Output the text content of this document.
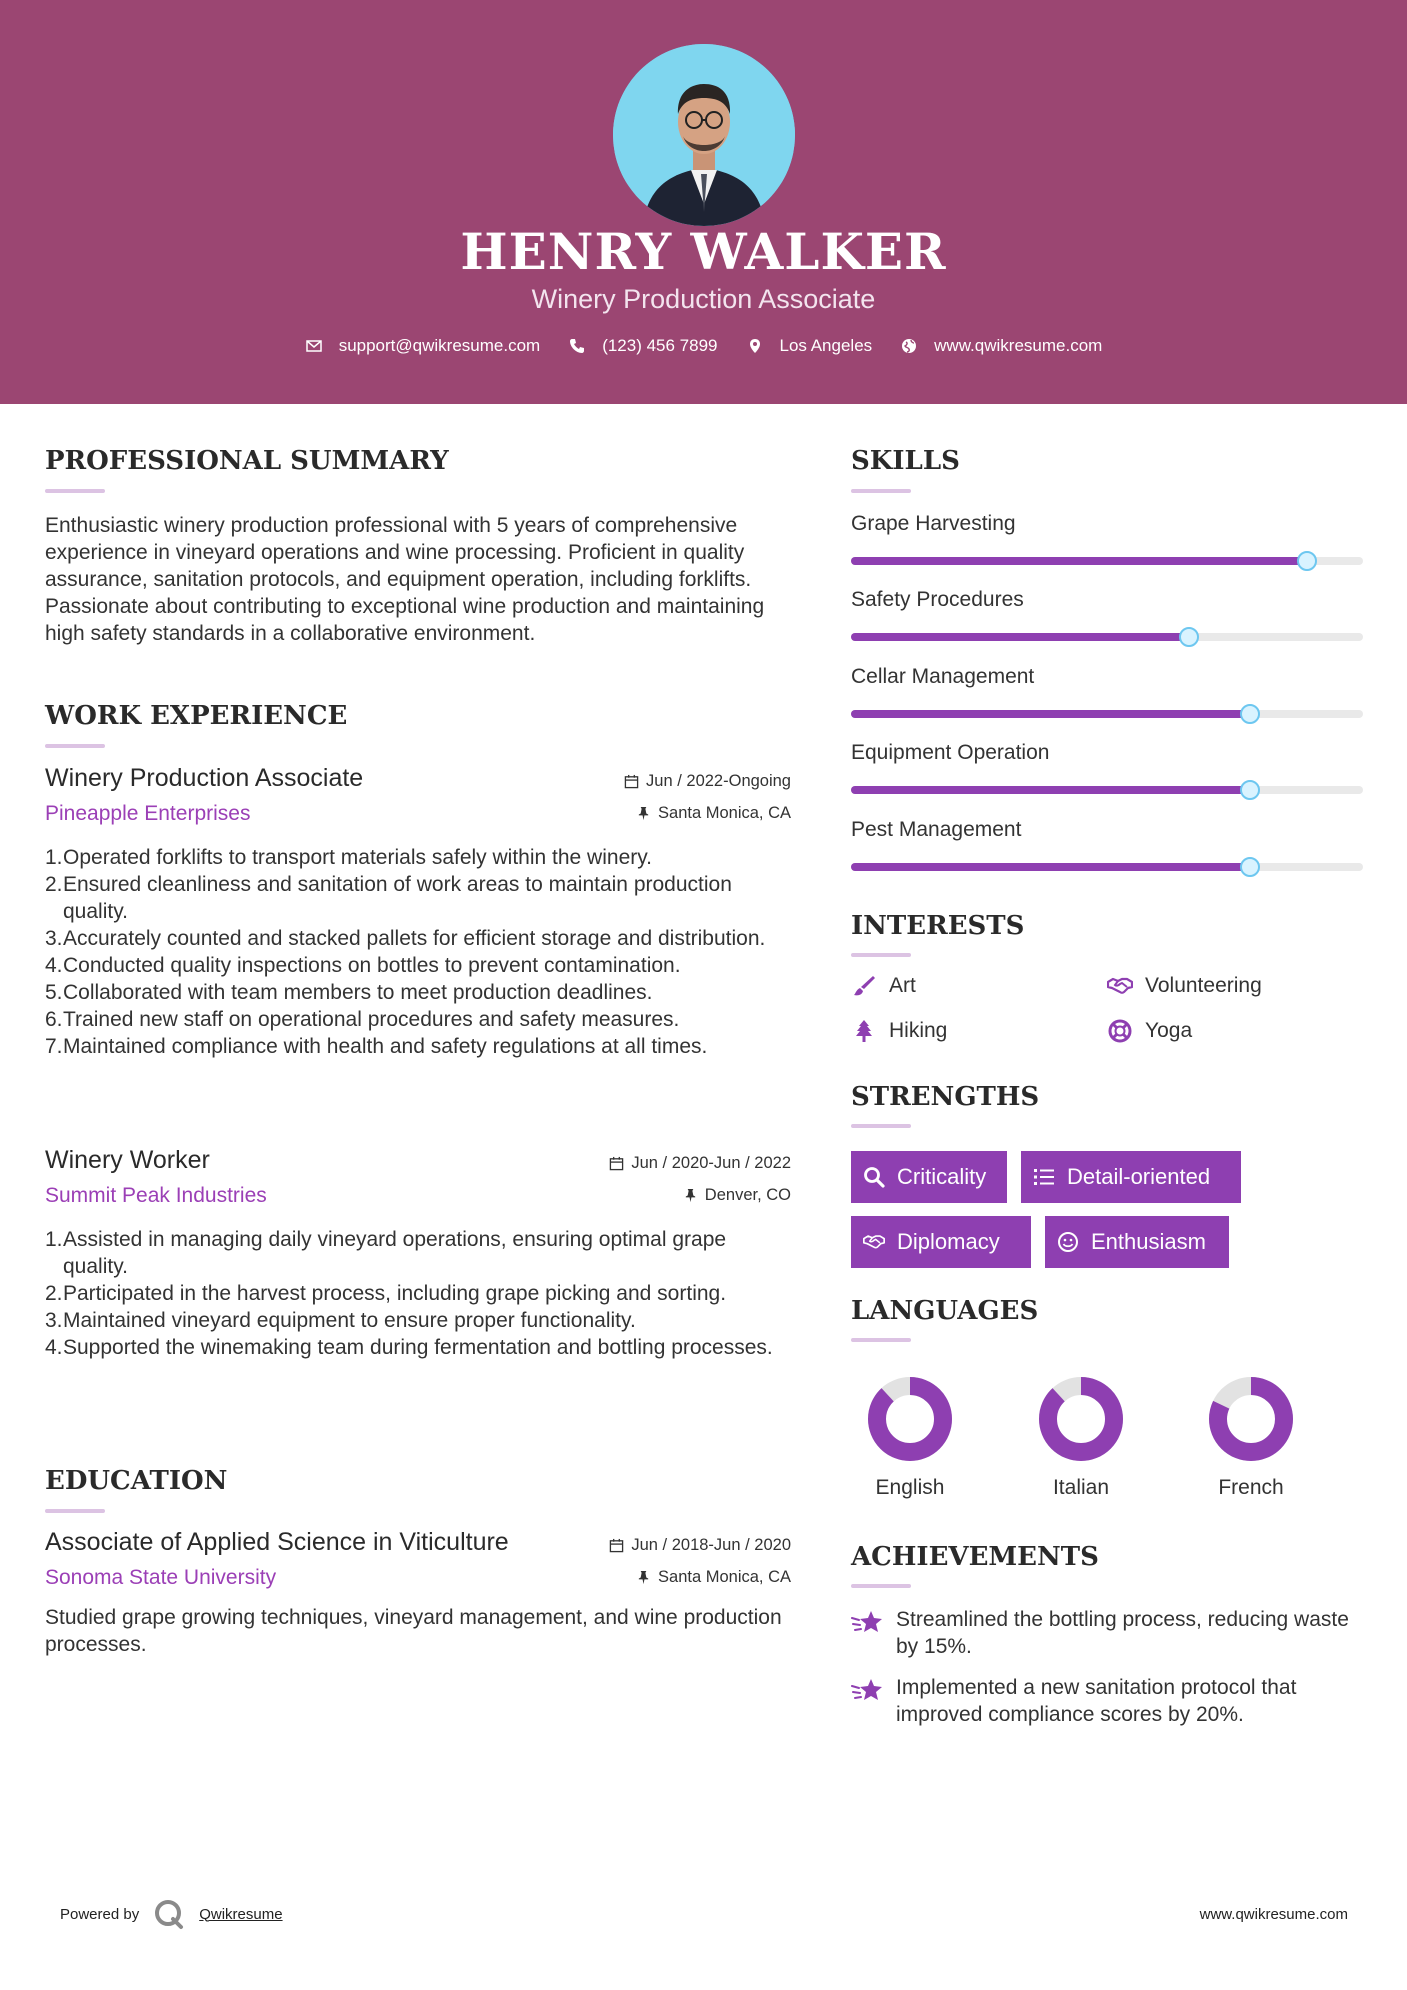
HENRY WALKER
Winery Production Associate
support@qwikresume.com	(123) 456 7899	Los Angeles	www.qwikresume.com
PROFESSIONAL SUMMARY
Enthusiastic winery production professional with 5 years of comprehensive experience in vineyard operations and wine processing. Proficient in quality assurance, sanitation protocols, and equipment operation, including forklifts. Passionate about contributing to exceptional wine production and maintaining high safety standards in a collaborative environment.
WORK EXPERIENCE
Winery Production Associate	Jun / 2022-Ongoing
Pineapple Enterprises	Santa Monica, CA
1. Operated forklifts to transport materials safely within the winery.
2. Ensured cleanliness and sanitation of work areas to maintain production quality.
3. Accurately counted and stacked pallets for efficient storage and distribution.
4. Conducted quality inspections on bottles to prevent contamination.
5. Collaborated with team members to meet production deadlines.
6. Trained new staff on operational procedures and safety measures.
7. Maintained compliance with health and safety regulations at all times.
Winery Worker	Jun / 2020-Jun / 2022
Summit Peak Industries	Denver, CO
1. Assisted in managing daily vineyard operations, ensuring optimal grape quality.
2. Participated in the harvest process, including grape picking and sorting.
3. Maintained vineyard equipment to ensure proper functionality.
4. Supported the winemaking team during fermentation and bottling processes.
EDUCATION
Associate of Applied Science in Viticulture	Jun / 2018-Jun / 2020
Sonoma State University	Santa Monica, CA
Studied grape growing techniques, vineyard management, and wine production processes.
SKILLS
Grape Harvesting
Safety Procedures
Cellar Management
Equipment Operation
Pest Management
INTERESTS
Art	Volunteering
Hiking	Yoga
STRENGTHS
Criticality	Detail-oriented
Diplomacy	Enthusiasm
LANGUAGES
English	Italian	French
ACHIEVEMENTS
Streamlined the bottling process, reducing waste by 15%.
Implemented a new sanitation protocol that improved compliance scores by 20%.
Powered by	Qwikresume	www.qwikresume.com
